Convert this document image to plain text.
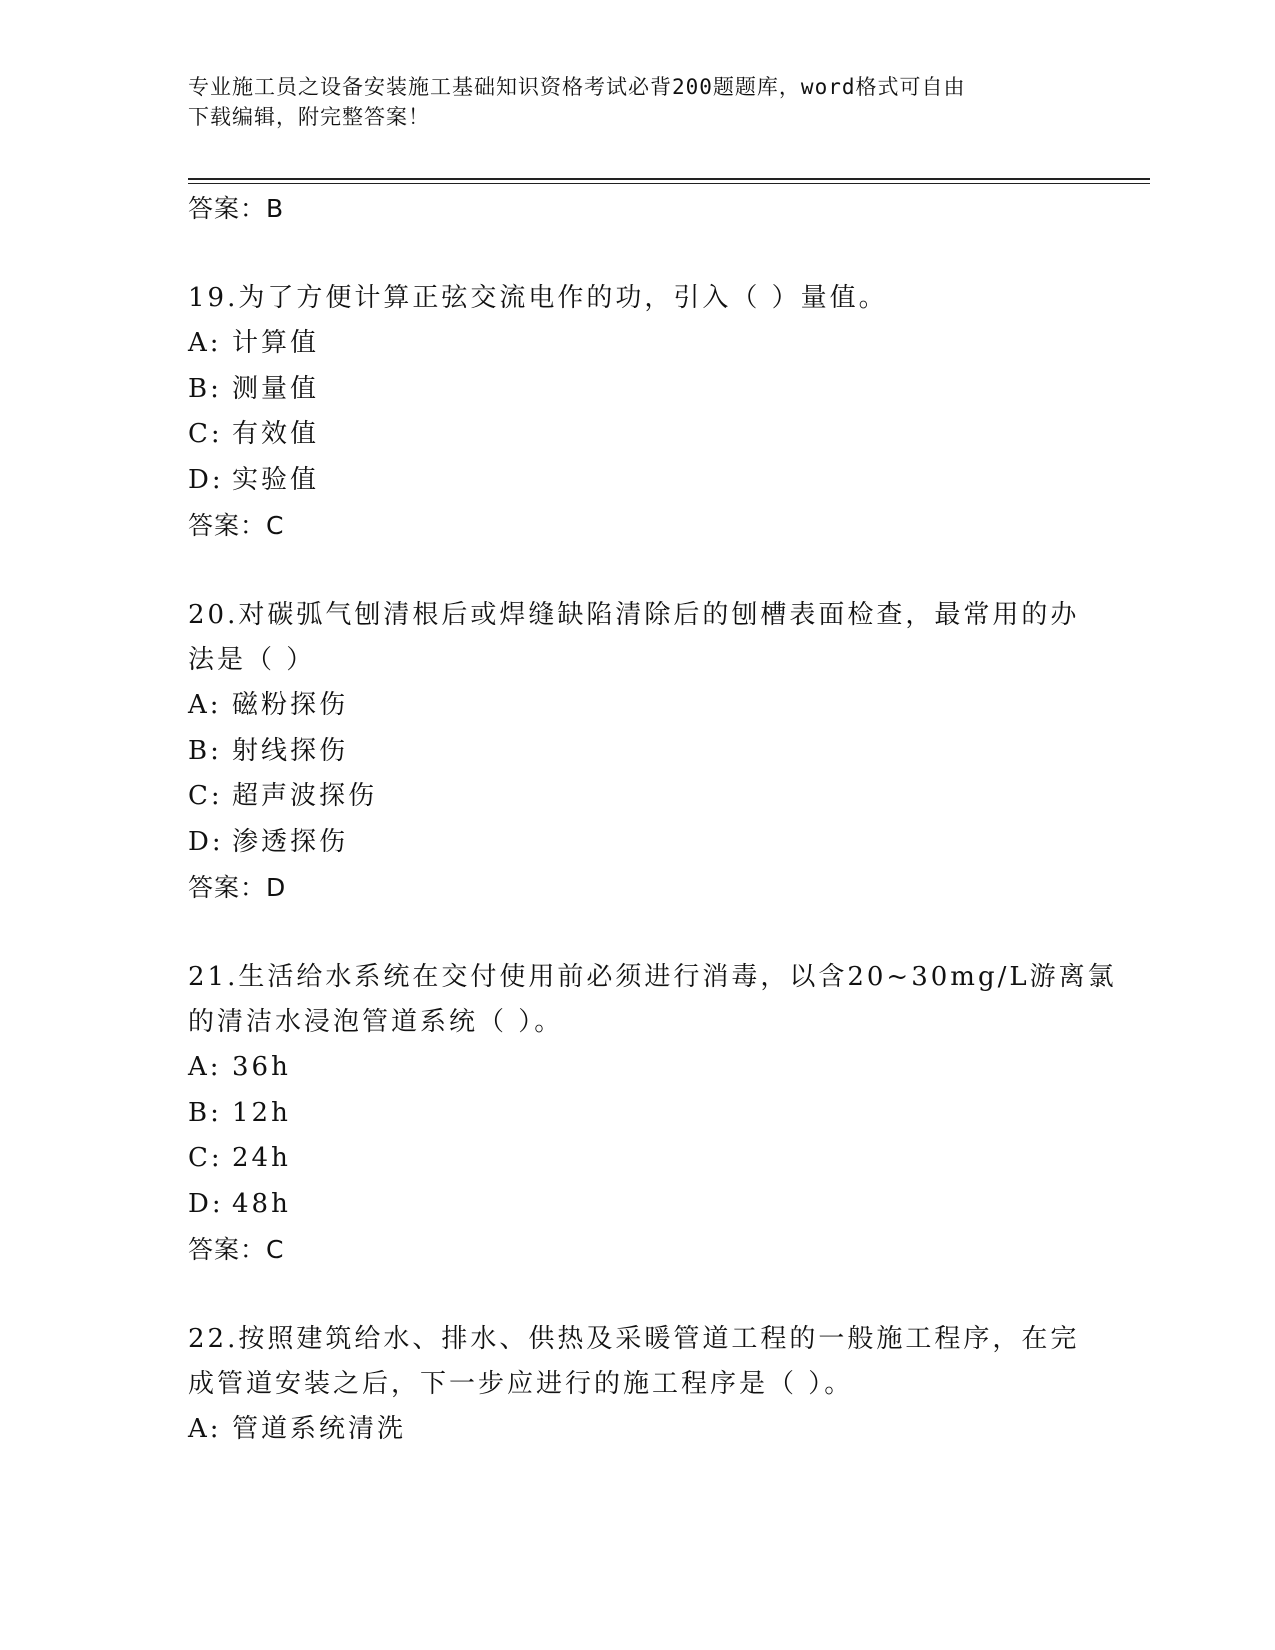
专业施工员之设备安装施工基础知识资格考试必背200题题库，word格式可自由
下载编辑，附完整答案！
答案：B
19.为了方便计算正弦交流电作的功，引入（ ）量值。
A: 计算值
B: 测量值
C: 有效值
D: 实验值
答案：C
20.对碳弧气刨清根后或焊缝缺陷清除后的刨槽表面检查，最常用的办
法是（ ）
A: 磁粉探伤
B: 射线探伤
C: 超声波探伤
D: 渗透探伤
答案：D
21.生活给水系统在交付使用前必须进行消毒，以含20~30mg/L游离氯
的清洁水浸泡管道系统（ ）。
A: 36h
B: 12h
C: 24h
D: 48h
答案：C
22.按照建筑给水、排水、供热及采暖管道工程的一般施工程序，在完
成管道安装之后，下一步应进行的施工程序是（ ）。
A: 管道系统清洗
